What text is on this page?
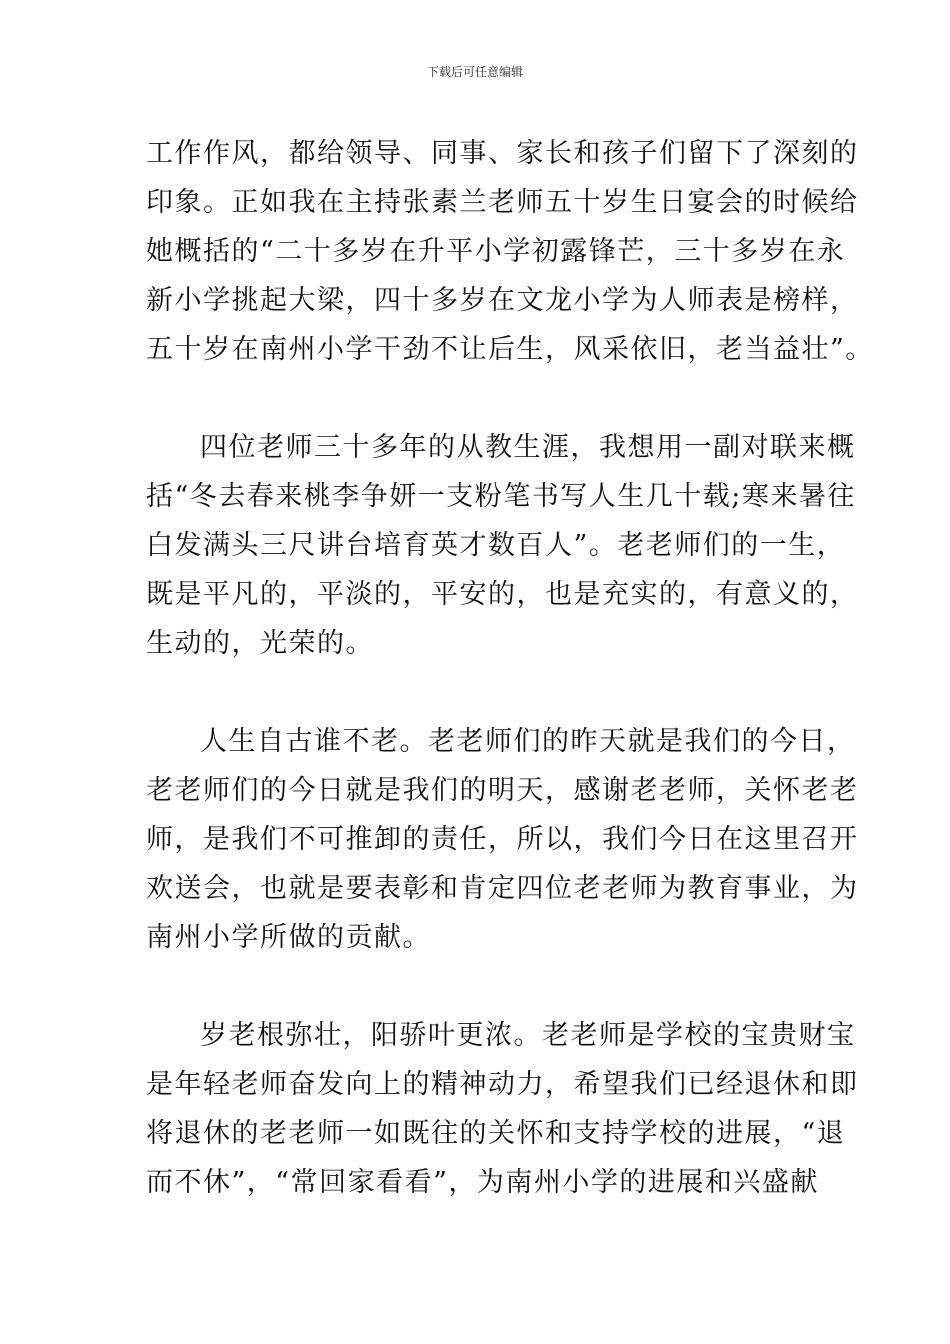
下载后可任意编辑
工作作风，都给领导、同事、家长和孩子们留下了深刻的
印象。正如我在主持张素兰老师五十岁生日宴会的时候给
她概括的“二十多岁在升平小学初露锋芒，三十多岁在永
新小学挑起大梁，四十多岁在文龙小学为人师表是榜样，
五十岁在南州小学干劲不让后生，风采依旧，老当益壮”。
四位老师三十多年的从教生涯，我想用一副对联来概
括“冬去春来桃李争妍一支粉笔书写人生几十载;寒来暑往
白发满头三尺讲台培育英才数百人”。老老师们的一生，
既是平凡的，平淡的，平安的，也是充实的，有意义的，
生动的，光荣的。
人生自古谁不老。老老师们的昨天就是我们的今日，
老老师们的今日就是我们的明天，感谢老老师，关怀老老
师，是我们不可推卸的责任，所以，我们今日在这里召开
欢送会，也就是要表彰和肯定四位老老师为教育事业，为
南州小学所做的贡献。
岁老根弥壮，阳骄叶更浓。老老师是学校的宝贵财宝
是年轻老师奋发向上的精神动力，希望我们已经退休和即
将退休的老老师一如既往的关怀和支持学校的进展，“退
而不休”，“常回家看看”，为南州小学的进展和兴盛献
